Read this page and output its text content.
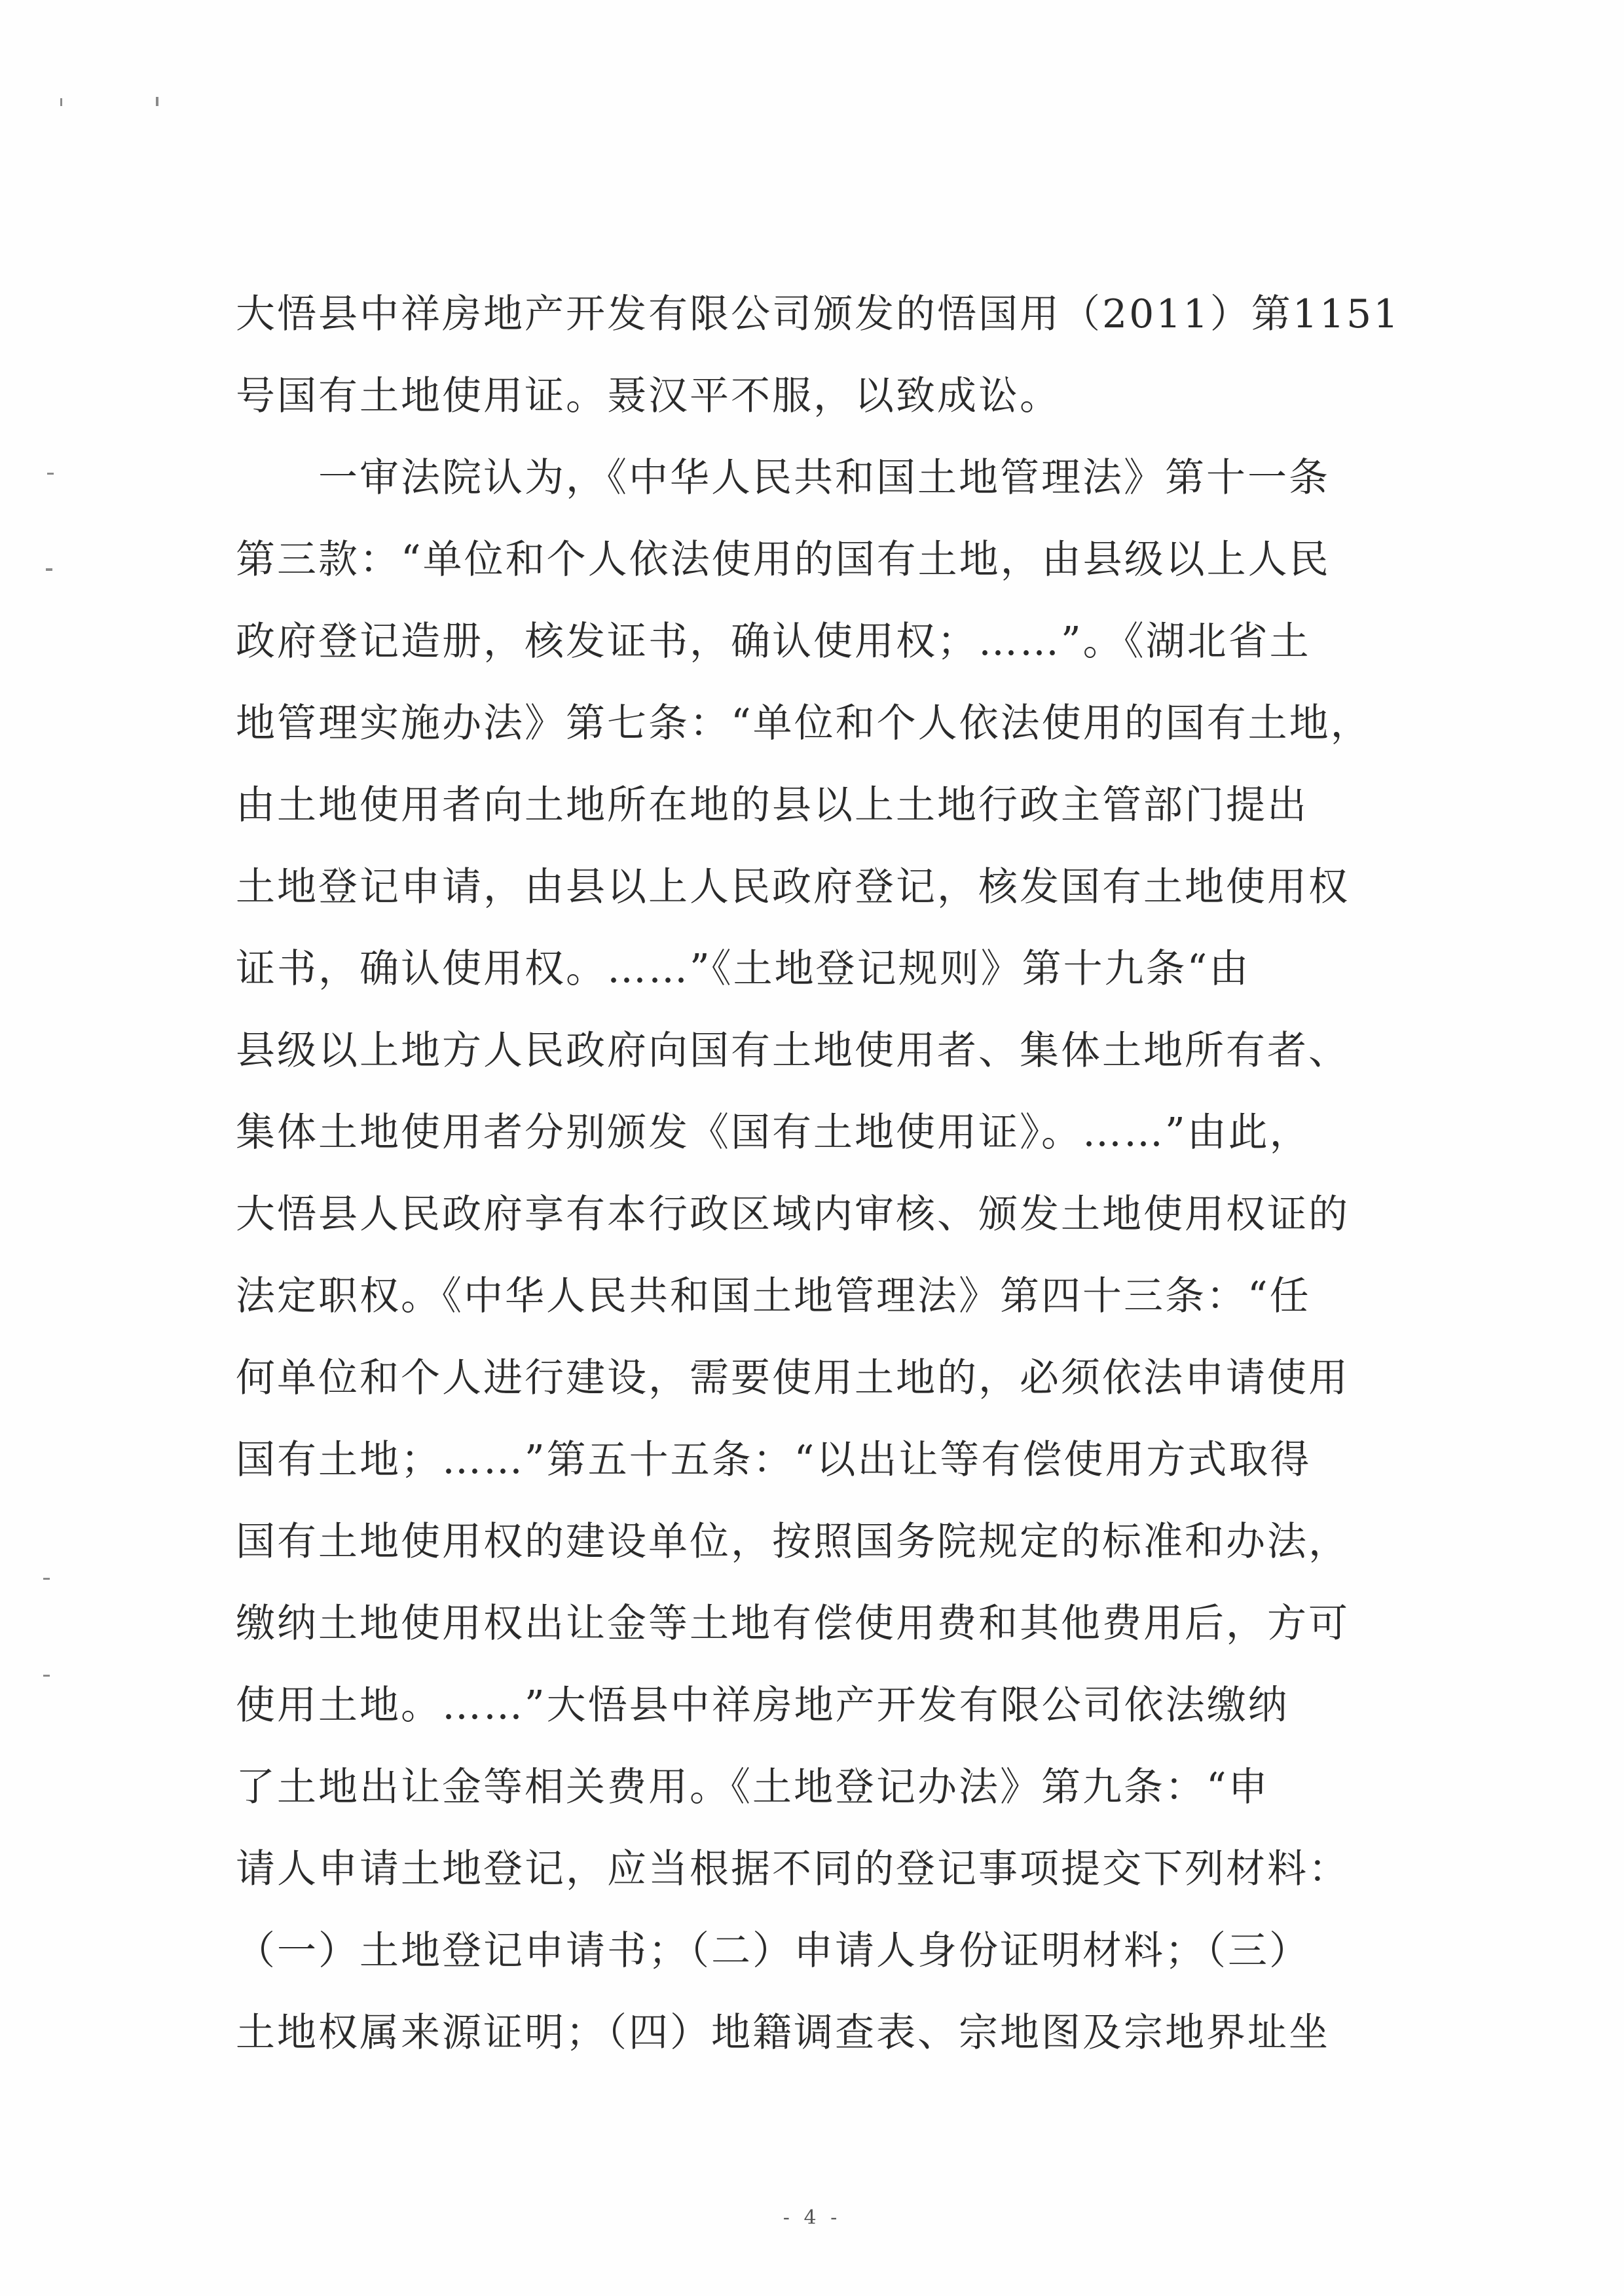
大悟县中祥房地产开发有限公司颁发的悟国用（2011）第1151
号国有土地使用证。聂汉平不服，以致成讼。
　　一审法院认为，《中华人民共和国土地管理法》第十一条
第三款：“单位和个人依法使用的国有土地，由县级以上人民
政府登记造册，核发证书，确认使用权；……”。《湖北省土
地管理实施办法》第七条：“单位和个人依法使用的国有土地，
由土地使用者向土地所在地的县以上土地行政主管部门提出
土地登记申请，由县以上人民政府登记，核发国有土地使用权
证书，确认使用权。……”《土地登记规则》第十九条“由
县级以上地方人民政府向国有土地使用者、集体土地所有者、
集体土地使用者分别颁发《国有土地使用证》。……”由此，
大悟县人民政府享有本行政区域内审核、颁发土地使用权证的
法定职权。《中华人民共和国土地管理法》第四十三条：“任
何单位和个人进行建设，需要使用土地的，必须依法申请使用
国有土地；……”第五十五条：“以出让等有偿使用方式取得
国有土地使用权的建设单位，按照国务院规定的标准和办法，
缴纳土地使用权出让金等土地有偿使用费和其他费用后，方可
使用土地。……”大悟县中祥房地产开发有限公司依法缴纳
了土地出让金等相关费用。《土地登记办法》第九条：“申
请人申请土地登记，应当根据不同的登记事项提交下列材料：
（一）土地登记申请书；（二）申请人身份证明材料；（三）
土地权属来源证明；（四）地籍调查表、宗地图及宗地界址坐
- 4 -
